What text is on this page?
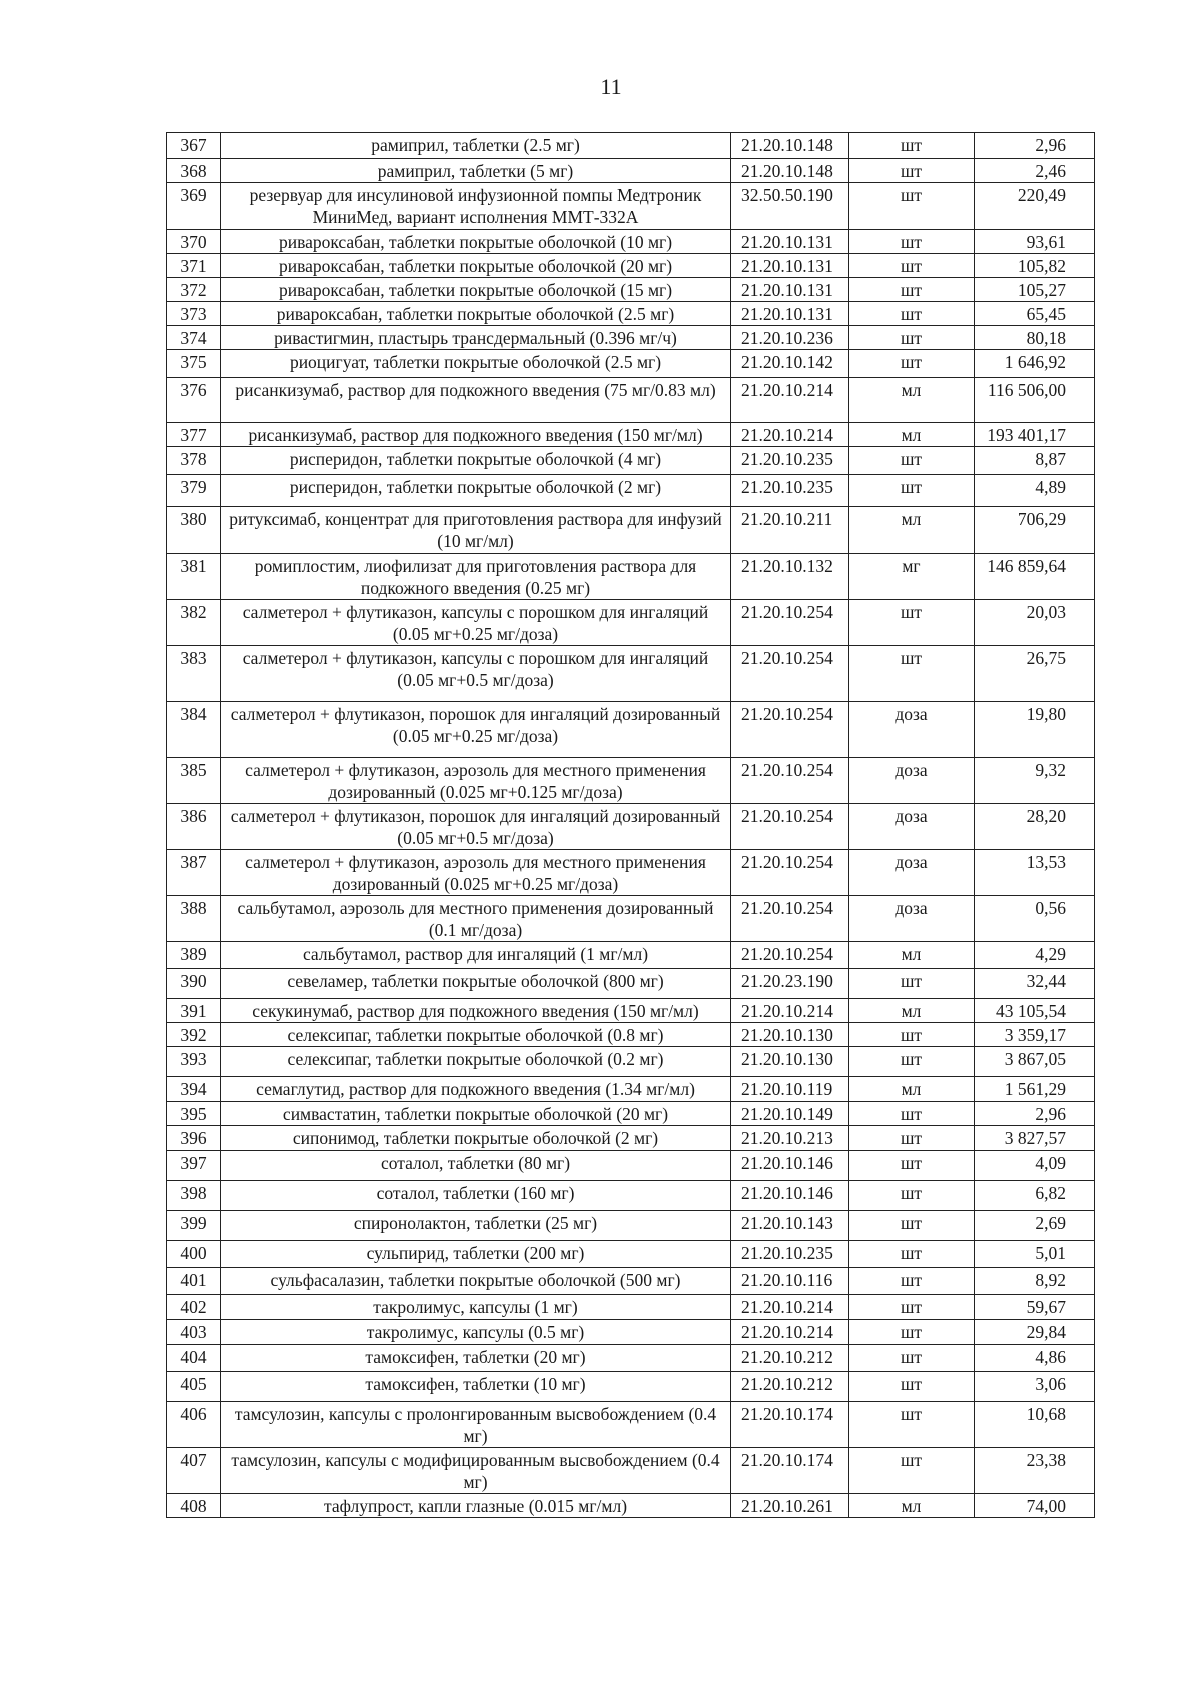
11
367	рамиприл, таблетки (2.5 мг)	21.20.10.148	шт	2,96
368	рамиприл, таблетки (5 мг)	21.20.10.148	шт	2,46
369	резервуар для инсулиновой инфузионной помпы Медтроник МиниМед, вариант исполнения ММТ-332А	32.50.50.190	шт	220,49
370	ривароксабан, таблетки покрытые оболочкой (10 мг)	21.20.10.131	шт	93,61
371	ривароксабан, таблетки покрытые оболочкой (20 мг)	21.20.10.131	шт	105,82
372	ривароксабан, таблетки покрытые оболочкой (15 мг)	21.20.10.131	шт	105,27
373	ривароксабан, таблетки покрытые оболочкой (2.5 мг)	21.20.10.131	шт	65,45
374	ривастигмин, пластырь трансдермальный (0.396 мг/ч)	21.20.10.236	шт	80,18
375	риоцигуат, таблетки покрытые оболочкой (2.5 мг)	21.20.10.142	шт	1 646,92
376	рисанкизумаб, раствор для подкожного введения (75 мг/0.83 мл)	21.20.10.214	мл	116 506,00
377	рисанкизумаб, раствор для подкожного введения (150 мг/мл)	21.20.10.214	мл	193 401,17
378	рисперидон, таблетки покрытые оболочкой (4 мг)	21.20.10.235	шт	8,87
379	рисперидон, таблетки покрытые оболочкой (2 мг)	21.20.10.235	шт	4,89
380	ритуксимаб, концентрат для приготовления раствора для инфузий (10 мг/мл)	21.20.10.211	мл	706,29
381	ромиплостим, лиофилизат для приготовления раствора для подкожного введения (0.25 мг)	21.20.10.132	мг	146 859,64
382	салметерол + флутиказон, капсулы с порошком для ингаляций (0.05 мг+0.25 мг/доза)	21.20.10.254	шт	20,03
383	салметерол + флутиказон, капсулы с порошком для ингаляций (0.05 мг+0.5 мг/доза)	21.20.10.254	шт	26,75
384	салметерол + флутиказон, порошок для ингаляций дозированный (0.05 мг+0.25 мг/доза)	21.20.10.254	доза	19,80
385	салметерол + флутиказон, аэрозоль для местного применения дозированный (0.025 мг+0.125 мг/доза)	21.20.10.254	доза	9,32
386	салметерол + флутиказон, порошок для ингаляций дозированный (0.05 мг+0.5 мг/доза)	21.20.10.254	доза	28,20
387	салметерол + флутиказон, аэрозоль для местного применения дозированный (0.025 мг+0.25 мг/доза)	21.20.10.254	доза	13,53
388	сальбутамол, аэрозоль для местного применения дозированный (0.1 мг/доза)	21.20.10.254	доза	0,56
389	сальбутамол, раствор для ингаляций (1 мг/мл)	21.20.10.254	мл	4,29
390	севеламер, таблетки покрытые оболочкой (800 мг)	21.20.23.190	шт	32,44
391	секукинумаб, раствор для подкожного введения (150 мг/мл)	21.20.10.214	мл	43 105,54
392	селексипаг, таблетки покрытые оболочкой (0.8 мг)	21.20.10.130	шт	3 359,17
393	селексипаг, таблетки покрытые оболочкой (0.2 мг)	21.20.10.130	шт	3 867,05
394	семаглутид, раствор для подкожного введения (1.34 мг/мл)	21.20.10.119	мл	1 561,29
395	симвастатин, таблетки покрытые оболочкой (20 мг)	21.20.10.149	шт	2,96
396	сипонимод, таблетки покрытые оболочкой (2 мг)	21.20.10.213	шт	3 827,57
397	соталол, таблетки (80 мг)	21.20.10.146	шт	4,09
398	соталол, таблетки (160 мг)	21.20.10.146	шт	6,82
399	спиронолактон, таблетки (25 мг)	21.20.10.143	шт	2,69
400	сульпирид, таблетки (200 мг)	21.20.10.235	шт	5,01
401	сульфасалазин, таблетки покрытые оболочкой (500 мг)	21.20.10.116	шт	8,92
402	такролимус, капсулы (1 мг)	21.20.10.214	шт	59,67
403	такролимус, капсулы (0.5 мг)	21.20.10.214	шт	29,84
404	тамоксифен, таблетки (20 мг)	21.20.10.212	шт	4,86
405	тамоксифен, таблетки (10 мг)	21.20.10.212	шт	3,06
406	тамсулозин, капсулы с пролонгированным высвобождением (0.4 мг)	21.20.10.174	шт	10,68
407	тамсулозин, капсулы с модифицированным высвобождением (0.4 мг)	21.20.10.174	шт	23,38
408	тафлупрост, капли глазные (0.015 мг/мл)	21.20.10.261	мл	74,00
